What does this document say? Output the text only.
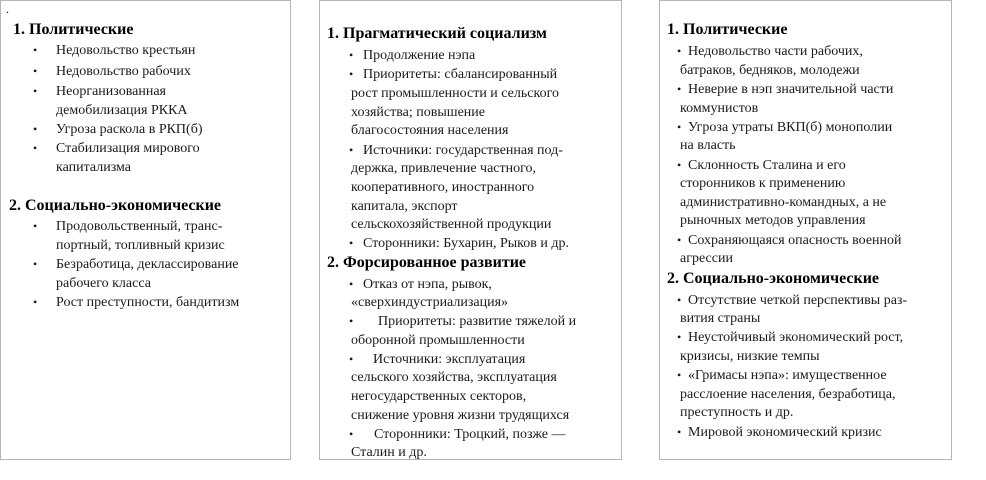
.
1. Политические
• Недовольство крестьян
• Недовольство рабочих
• Неорганизованная
демобилизация РККА
• Угроза раскола в РКП(б)
• Стабилизация мирового
капитализма
2. Социально-экономические
• Продовольственный, транс-
портный, топливный кризис
• Безработица, деклассирование
рабочего класса
• Рост преступности, бандитизм
1. Прагматический социализм
• Продолжение нэпа
• Приоритеты: сбалансированный
рост промышленности и сельского
хозяйства; повышение
благосостояния населения
• Источники: государственная под-
держка, привлечение частного,
кооперативного, иностранного
капитала, экспорт
сельскохозяйственной продукции
• Сторонники: Бухарин, Рыков и др.
2. Форсированное развитие
• Отказ от нэпа, рывок,
«сверхиндустриализация»
• Приоритеты: развитие тяжелой и
оборонной промышленности
• Источники: эксплуатация
сельского хозяйства, эксплуатация
негосударственных секторов,
снижение уровня жизни трудящихся
• Сторонники: Троцкий, позже —
Сталин и др.
1. Политические
• Недовольство части рабочих,
батраков, бедняков, молодежи
• Неверие в нэп значительной части
коммунистов
• Угроза утраты ВКП(б) монополии
на власть
• Склонность Сталина и его
сторонников к применению
административно-командных, а не
рыночных методов управления
• Сохраняющаяся опасность военной
агрессии
2. Социально-экономические
• Отсутствие четкой перспективы раз-
вития страны
• Неустойчивый экономический рост,
кризисы, низкие темпы
• «Гримасы нэпа»: имущественное
расслоение населения, безработица,
преступность и др.
• Мировой экономический кризис
